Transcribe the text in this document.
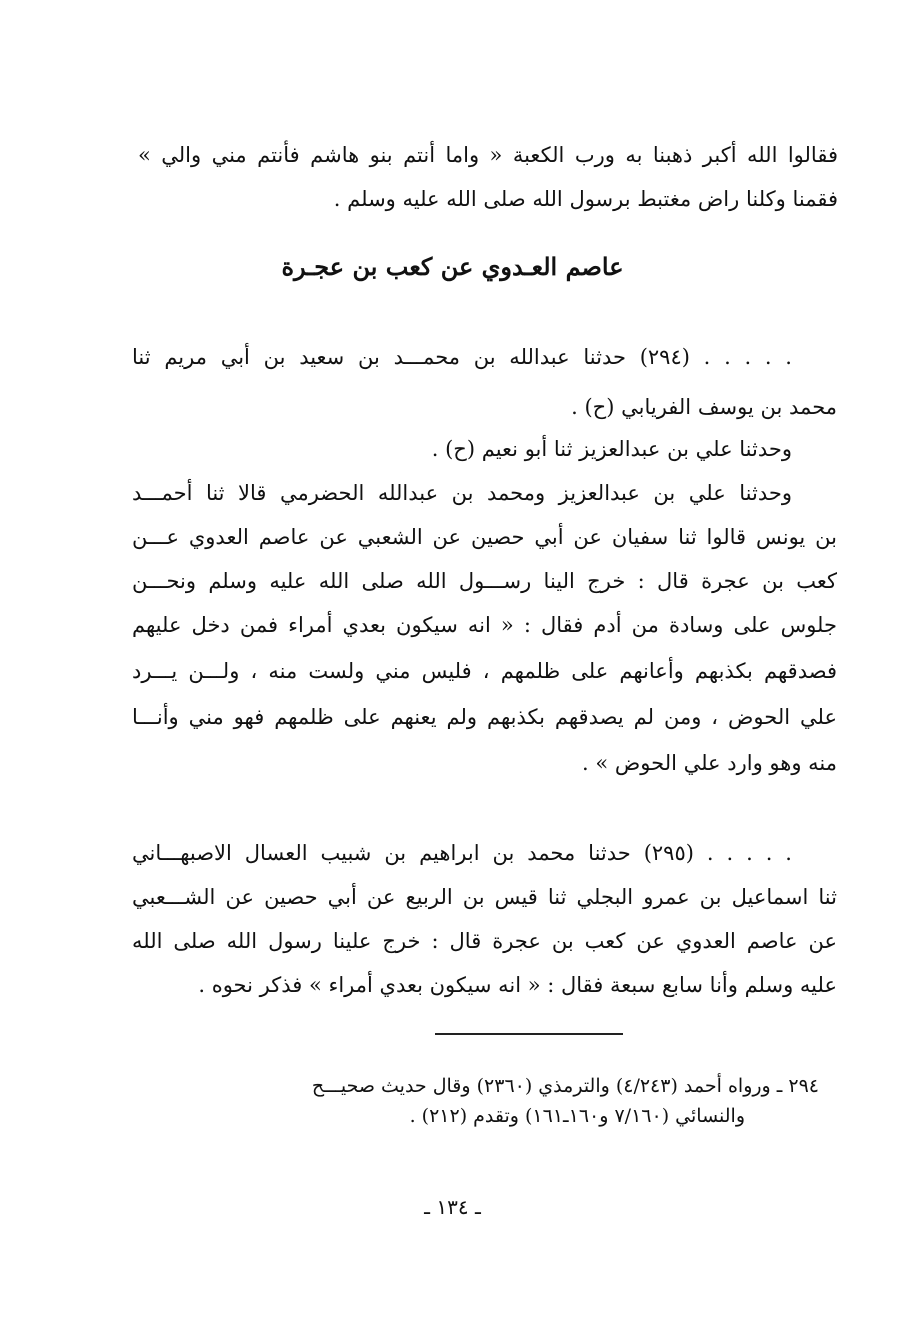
فقالوا الله أكبر ذهبنا به ورب الكعبة « واما أنتم بنو هاشم فأنتم مني والي »
فقمنا وكلنا راض مغتبط برسول الله صلى الله عليه وسلم .
عاصم العـدوي عن كعب بن عجـرة
. . . . . (٢٩٤) حدثنا عبدالله بن محمـــد بن سعيد بن أبي مريم ثنا
محمد بن يوسف الفريابي (ح) .
وحدثنا علي بن عبدالعزيز ثنا أبو نعيم (ح) .
وحدثنا علي بن عبدالعزيز ومحمد بن عبدالله الحضرمي قالا ثنا أحمـــد
بن يونس قالوا ثنا سفيان عن أبي حصين عن الشعبي عن عاصم العدوي عـــن
كعب بن عجرة قال : خرج الينا رســـول الله صلى الله عليه وسلم ونحـــن
جلوس على وسادة من أدم فقال : « انه سيكون بعدي أمراء فمن دخل عليهم
فصدقهم بكذبهم وأعانهم على ظلمهم ، فليس مني ولست منه ، ولـــن يـــرد
علي الحوض ، ومن لم يصدقهم بكذبهم ولم يعنهم على ظلمهم فهو مني وأنـــا
منه وهو وارد علي الحوض » .
. . . . . (٢٩٥) حدثنا محمد بن ابراهيم بن شبيب العسال الاصبهـــاني
ثنا اسماعيل بن عمرو البجلي ثنا قيس بن الربيع عن أبي حصين عن الشـــعبي
عن عاصم العدوي عن كعب بن عجرة قال : خرج علينا رسول الله صلى الله
عليه وسلم وأنا سابع سبعة فقال : « انه سيكون بعدي أمراء » فذكر نحوه .
٢٩٤ ـ ورواه أحمد (٤/٢٤٣) والترمذي (٢٣٦٠) وقال حديث صحيـــح
والنسائي (٧/١٦٠ و١٦٠ـ١٦١) وتقدم (٢١٢) .
ـ ١٣٤ ـ
